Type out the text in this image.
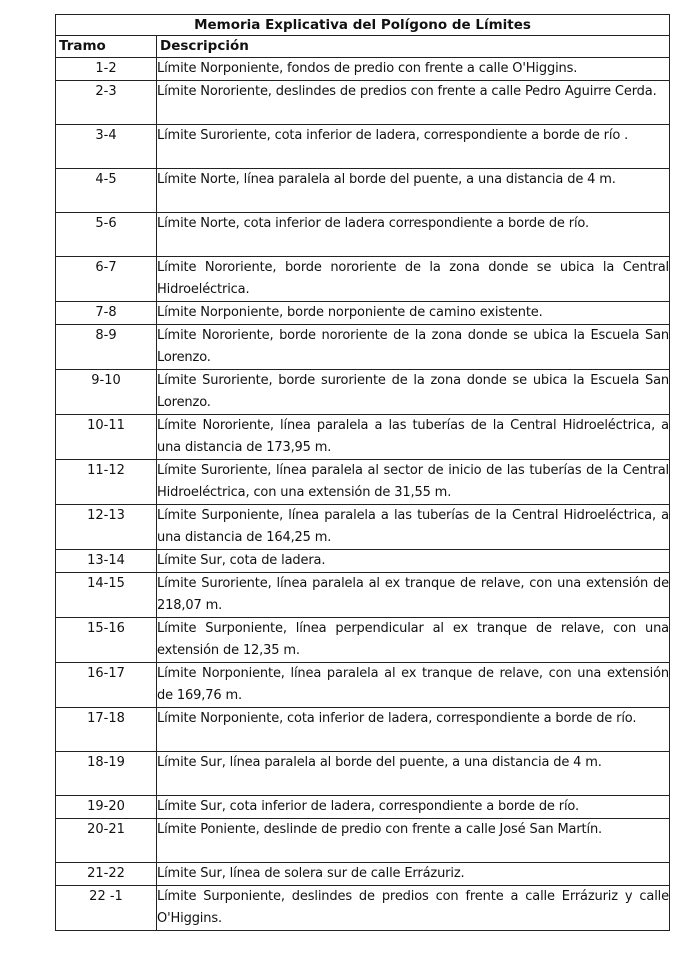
Memoria Explicativa del Polígono de Límites	
Tramo	Descripción
1-2	Límite Norponiente, fondos de predio con frente a calle O'Higgins.
2-3	Límite Nororiente, deslindes de predios con frente a calle Pedro Aguirre Cerda.
3-4	Límite Suroriente, cota inferior de ladera, correspondiente a borde de río .
4-5	Límite Norte, línea paralela al borde del puente, a una distancia de 4 m.
5-6	Límite Norte, cota inferior de ladera correspondiente a borde de río.
6-7	Límite Nororiente, borde nororiente de la zona donde se ubica la Central Hidroeléctrica.
7-8	Límite Norponiente, borde norponiente de camino existente.
8-9	Límite Nororiente, borde nororiente de la zona donde se ubica la Escuela San Lorenzo.
9-10	Límite Suroriente, borde suroriente de la zona donde se ubica la Escuela San Lorenzo.
10-11	Límite Nororiente, línea paralela a las tuberías de la Central Hidroeléctrica, a una distancia de 173,95 m.
11-12	Límite Suroriente, línea paralela al sector de inicio de las tuberías de la Central Hidroeléctrica, con una extensión de 31,55 m.
12-13	Límite Surponiente, línea paralela a las tuberías de la Central Hidroeléctrica, a una distancia de 164,25 m.
13-14	Límite Sur, cota de ladera.
14-15	Límite Suroriente, línea paralela al ex tranque de relave, con una extensión de 218,07 m.
15-16	Límite Surponiente, línea perpendicular al ex tranque de relave, con una extensión de 12,35 m.
16-17	Límite Norponiente, línea paralela al ex tranque de relave, con una extensión de 169,76 m.
17-18	Límite Norponiente, cota inferior de ladera, correspondiente a borde de río.
18-19	Límite Sur, línea paralela al borde del puente, a una distancia de 4 m.
19-20	Límite Sur, cota inferior de ladera, correspondiente a borde de río.
20-21	Límite Poniente, deslinde de predio con frente a calle José San Martín.
21-22	Límite Sur, línea de solera sur de calle Errázuriz.
22 -1	Límite Surponiente, deslindes de predios con frente a calle Errázuriz y calle O'Higgins.
